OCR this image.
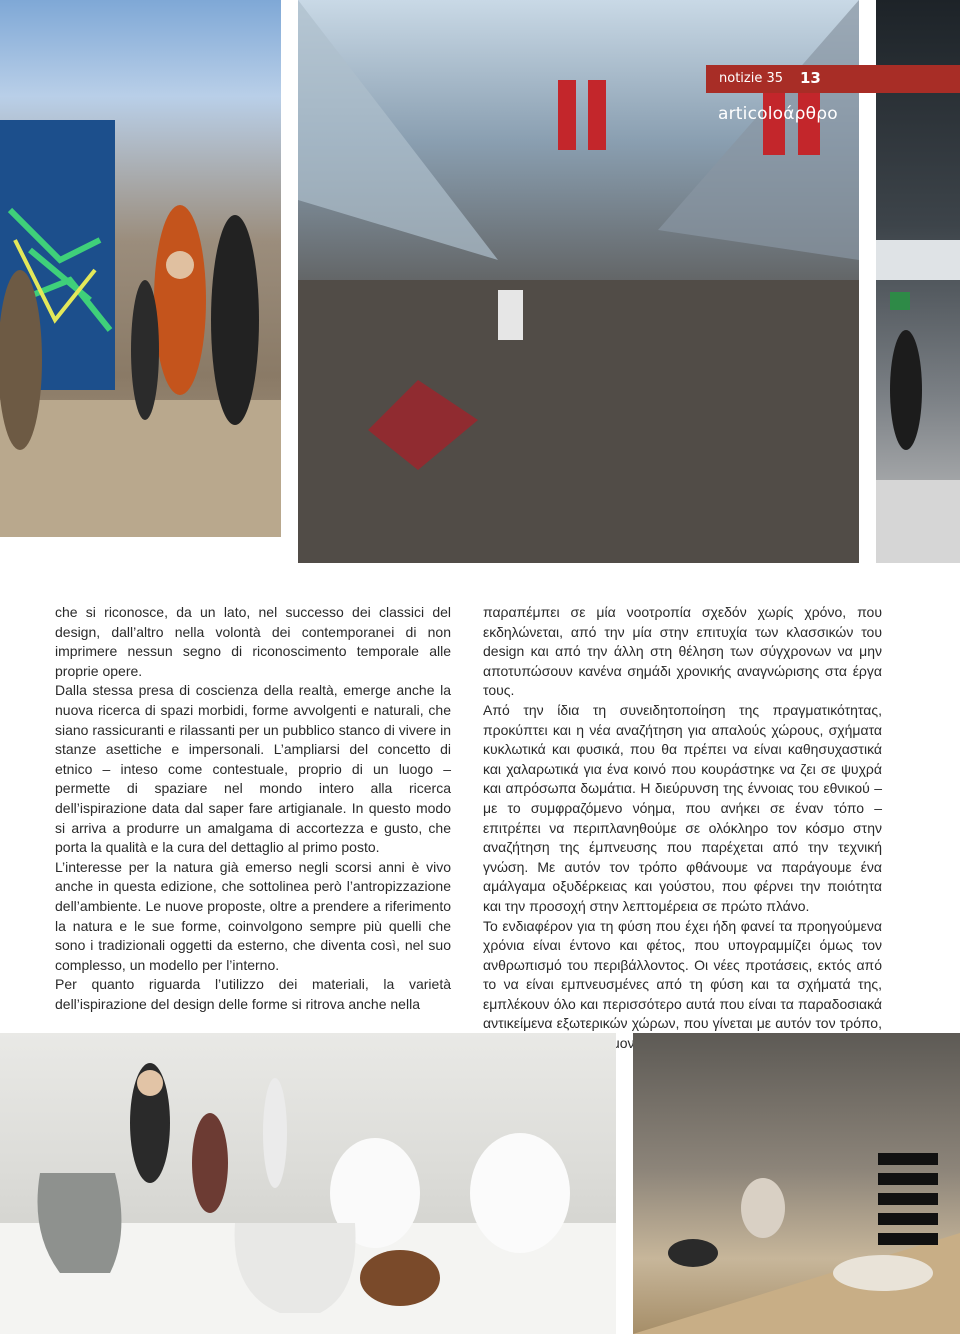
notizie 35 13
articoloάρθρο

che si riconosce, da un lato, nel successo dei classici del design, dall’altro nella volontà dei contemporanei di non imprimere nessun segno di riconoscimento temporale alle proprie opere.

Dalla stessa presa di coscienza della realtà, emerge anche la nuova ricerca di spazi morbidi, forme avvolgenti e naturali, che siano rassicuranti e rilassanti per un pubblico stanco di vivere in stanze asettiche e impersonali. L’ampliarsi del concetto di etnico – inteso come contestuale, proprio di un luogo – permette di spaziare nel mondo intero alla ricerca dell’ispirazione data dal saper fare artigianale. In questo modo si arriva a produrre un amalgama di accortezza e gusto, che porta la qualità e la cura del dettaglio al primo posto.

L’interesse per la natura già emerso negli scorsi anni è vivo anche in questa edizione, che sottolinea però l’antropizzazione dell’ambiente. Le nuove proposte, oltre a prendere a riferimento la natura e le sue forme, coinvolgono sempre più quelli che sono i tradizionali oggetti da esterno, che diventa così, nel suo complesso, un modello per l’interno.

Per quanto riguarda l’utilizzo dei materiali, la varietà dell’ispirazione del design delle forme si ritrova anche nella

παραπέμπει σε μία νοοτροπία σχεδόν χωρίς χρόνο, που εκδηλώνεται, από την μία στην επιτυχία των κλασσικών του design και από την άλλη στη θέληση των σύγχρονων να μην αποτυπώσουν κανένα σημάδι χρονικής αναγνώρισης στα έργα τους.

Από την ίδια τη συνειδητοποίηση της πραγματικότητας, προκύπτει και η νέα αναζήτηση για απαλούς χώρους, σχήματα κυκλωτικά και φυσικά, που θα πρέπει να είναι καθησυχαστικά και χαλαρωτικά για ένα κοινό που κουράστηκε να ζει σε ψυχρά και απρόσωπα δωμάτια. Η διεύρυνση της έννοιας του εθνικού – με το συμφραζόμενο νόημα, που ανήκει σε έναν τόπο – επιτρέπει να περιπλανηθούμε σε ολόκληρο τον κόσμο στην αναζήτηση της έμπνευσης που παρέχεται από την τεχνική γνώση. Με αυτόν τον τρόπο φθάνουμε να παράγουμε ένα αμάλγαμα οξυδέρκειας και γούστου, που φέρνει την ποιότητα και την προσοχή στην λεπτομέρεια σε πρώτο πλάνο.

Το ενδιαφέρον για τη φύση που έχει ήδη φανεί τα προηγούμενα χρόνια είναι έντονο και φέτος, που υπογραμμίζει όμως τον ανθρωπισμό του περιβάλλοντος. Οι νέες προτάσεις, εκτός από το να είναι εμπνευσμένες από τη φύση και τα σχήματά της, εμπλέκουν όλο και περισσότερο αυτά που είναι τα παραδοσιακά αντικείμενα εξωτερικών χώρων, που γίνεται με αυτόν τον τρόπο,
